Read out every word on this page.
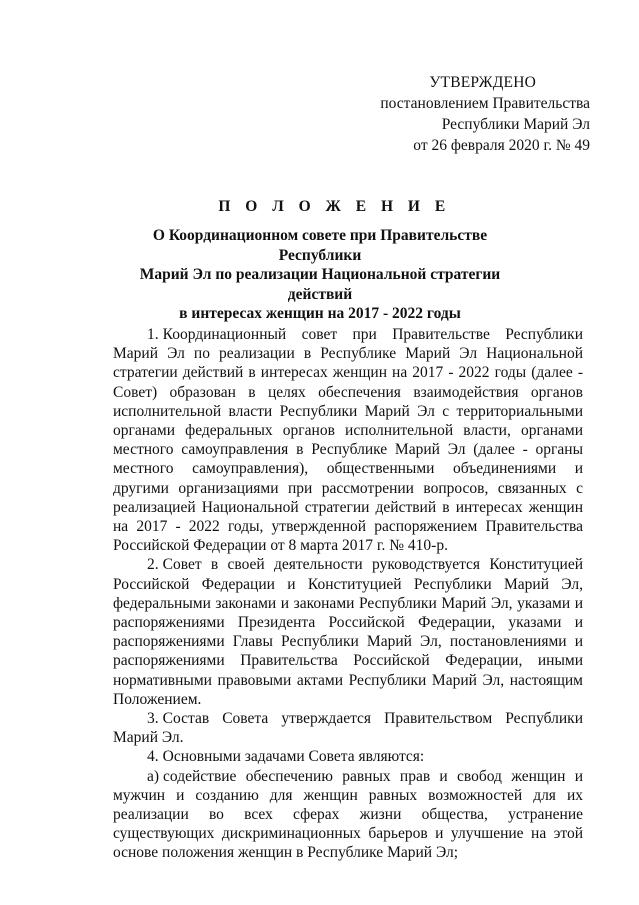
УТВЕРЖДЕНО
постановлением Правительства
Республики Марий Эл
от 26 февраля 2020 г. № 49
П О Л О Ж Е Н И Е
О Координационном совете при Правительстве Республики
Марий Эл по реализации Национальной стратегии действий
в интересах женщин на 2017 - 2022 годы

1. Координационный совет при Правительстве Республики Марий Эл по реализации в Республике Марий Эл Национальной стратегии действий в интересах женщин на 2017 - 2022 годы (далее - Совет) образован в целях обеспечения взаимодействия органов исполнительной власти Республики Марий Эл с территориальными органами федеральных органов исполнительной власти, органами местного самоуправления в Республике Марий Эл (далее - органы местного самоуправления), общественными объединениями и другими организациями при рассмотрении вопросов, связанных с реализацией Национальной стратегии действий в интересах женщин на 2017 - 2022 годы, утвержденной распоряжением Правительства Российской Федерации от 8 марта 2017 г. № 410-р.

2. Совет в своей деятельности руководствуется Конституцией Российской Федерации и Конституцией Республики Марий Эл, федеральными законами и законами Республики Марий Эл, указами и распоряжениями Президента Российской Федерации, указами и распоряжениями Главы Республики Марий Эл, постановлениями и распоряжениями Правительства Российской Федерации, иными нормативными правовыми актами Республики Марий Эл, настоящим Положением.

3. Состав Совета утверждается Правительством Республики Марий Эл.

4. Основными задачами Совета являются:

а) содействие обеспечению равных прав и свобод женщин и мужчин и созданию для женщин равных возможностей для их реализации во всех сферах жизни общества, устранение существующих дискриминационных барьеров и улучшение на этой основе положения женщин в Республике Марий Эл;
